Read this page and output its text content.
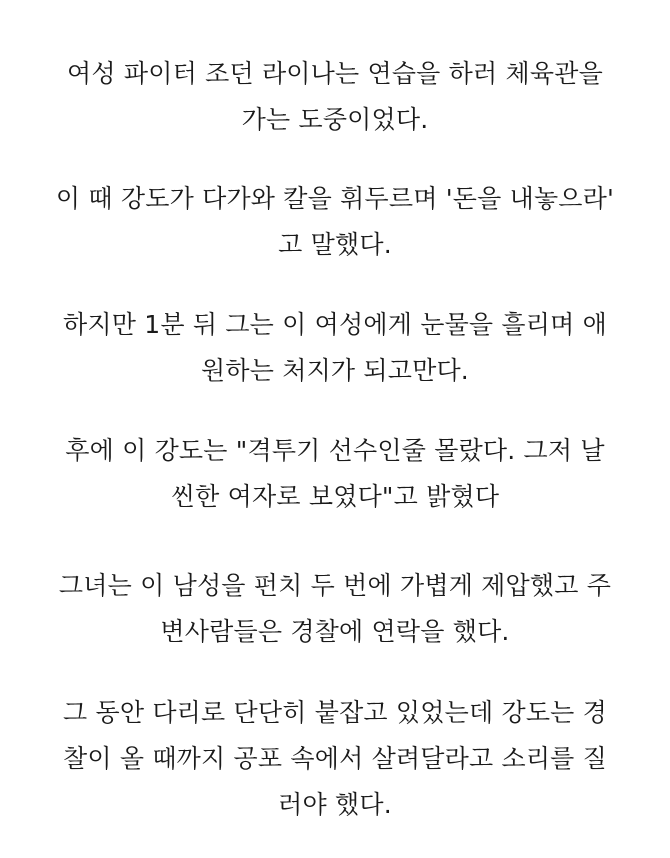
여성 파이터 조던 라이나는 연습을 하러 체육관을
가는 도중이었다.

이 때 강도가 다가와 칼을 휘두르며 '돈을 내놓으라'
고 말했다.

하지만 1분 뒤 그는 이 여성에게 눈물을 흘리며 애
원하는 처지가 되고만다.

후에 이 강도는 "격투기 선수인줄 몰랐다. 그저 날
씬한 여자로 보였다"고 밝혔다

그녀는 이 남성을 펀치 두 번에 가볍게 제압했고 주
변사람들은 경찰에 연락을 했다.

그 동안 다리로 단단히 붙잡고 있었는데 강도는 경
찰이 올 때까지 공포 속에서 살려달라고 소리를 질
러야 했다.
